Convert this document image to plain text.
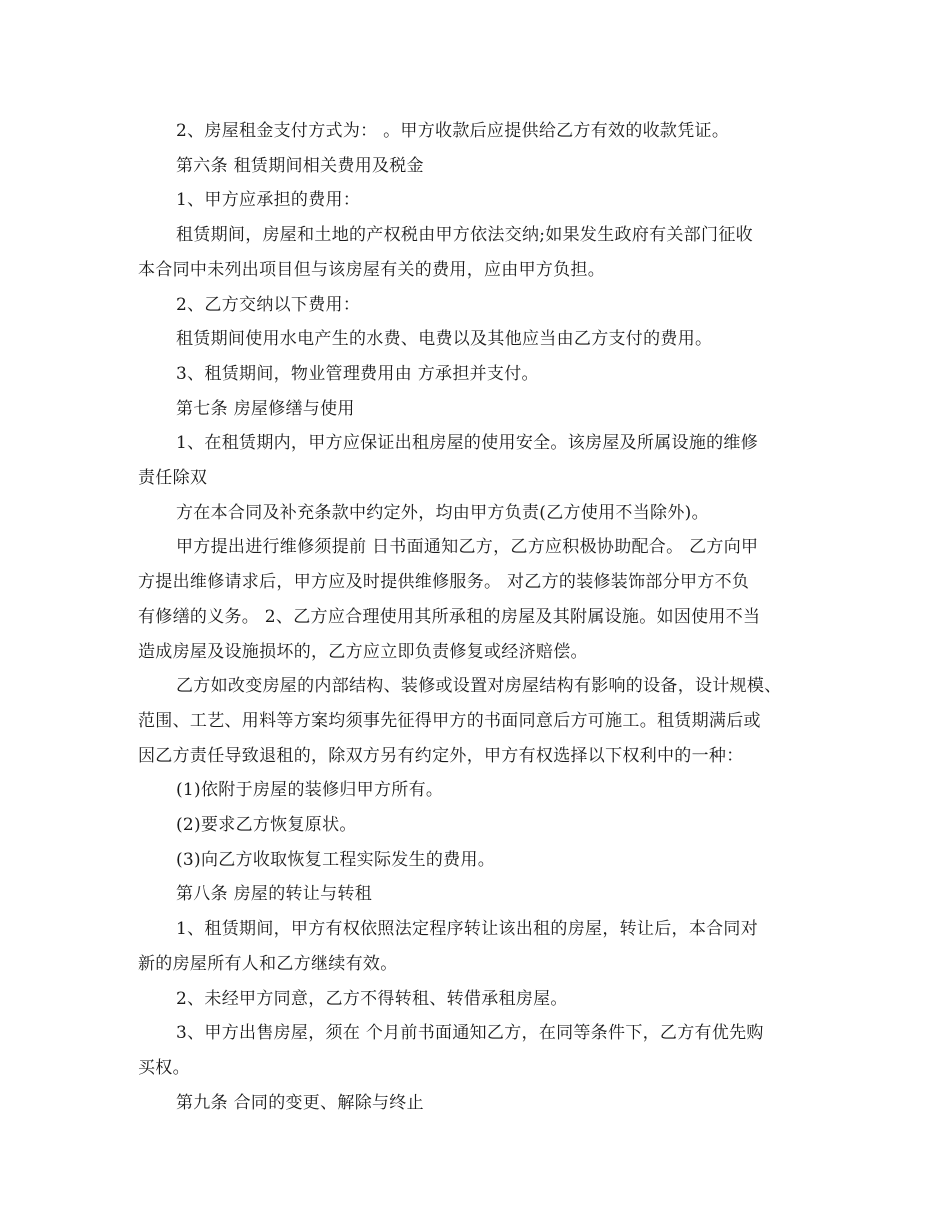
2、房屋租金支付方式为： 。甲方收款后应提供给乙方有效的收款凭证。

第六条 租赁期间相关费用及税金

1、甲方应承担的费用：

租赁期间，房屋和土地的产权税由甲方依法交纳;如果发生政府有关部门征收

本合同中未列出项目但与该房屋有关的费用，应由甲方负担。

2、乙方交纳以下费用：

租赁期间使用水电产生的水费、电费以及其他应当由乙方支付的费用。

3、租赁期间，物业管理费用由 方承担并支付。

第七条 房屋修缮与使用

1、在租赁期内，甲方应保证出租房屋的使用安全。该房屋及所属设施的维修

责任除双

方在本合同及补充条款中约定外，均由甲方负责(乙方使用不当除外)。

甲方提出进行维修须提前 日书面通知乙方，乙方应积极协助配合。 乙方向甲

方提出维修请求后，甲方应及时提供维修服务。 对乙方的装修装饰部分甲方不负

有修缮的义务。 2、乙方应合理使用其所承租的房屋及其附属设施。如因使用不当

造成房屋及设施损坏的，乙方应立即负责修复或经济赔偿。

乙方如改变房屋的内部结构、装修或设置对房屋结构有影响的设备，设计规模、

范围、工艺、用料等方案均须事先征得甲方的书面同意后方可施工。租赁期满后或

因乙方责任导致退租的，除双方另有约定外，甲方有权选择以下权利中的一种：

(1)依附于房屋的装修归甲方所有。

(2)要求乙方恢复原状。

(3)向乙方收取恢复工程实际发生的费用。

第八条 房屋的转让与转租

1、租赁期间，甲方有权依照法定程序转让该出租的房屋，转让后，本合同对

新的房屋所有人和乙方继续有效。

2、未经甲方同意，乙方不得转租、转借承租房屋。

3、甲方出售房屋，须在 个月前书面通知乙方，在同等条件下，乙方有优先购

买权。

第九条 合同的变更、解除与终止
